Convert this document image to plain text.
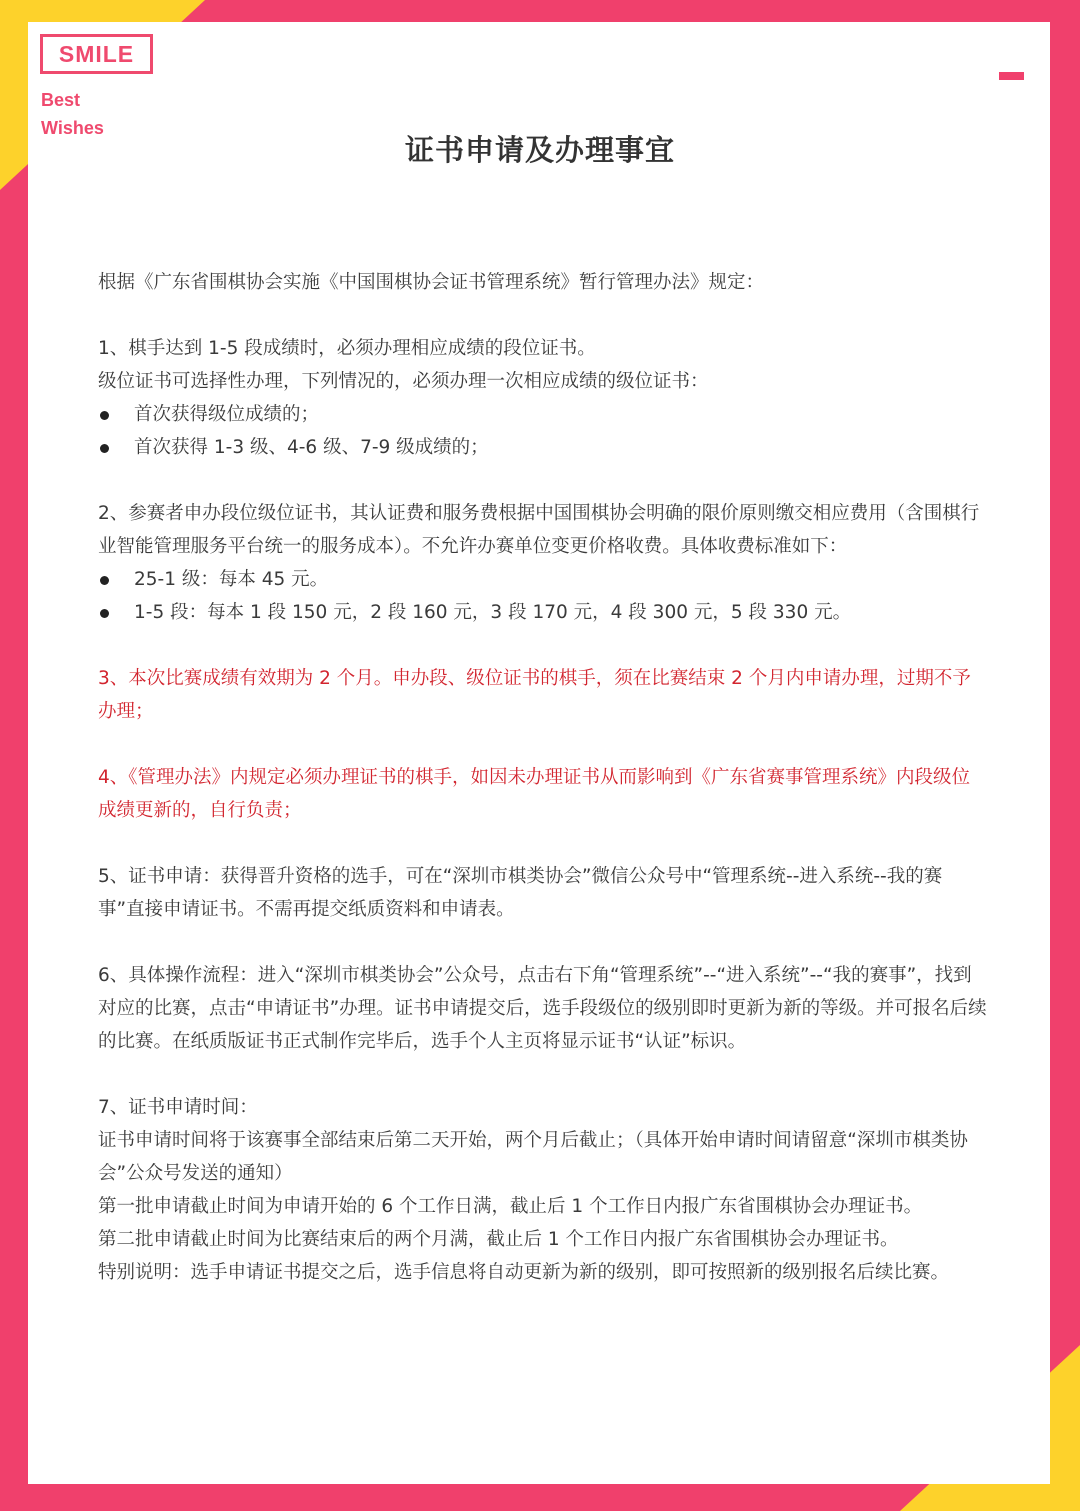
SMILE
Best
Wishes
证书申请及办理事宜

根据《广东省围棋协会实施《中国围棋协会证书管理系统》暂行管理办法》规定：

1、棋手达到 1-5 段成绩时，必须办理相应成绩的段位证书。

级位证书可选择性办理，下列情况的，必须办理一次相应成绩的级位证书：

首次获得级位成绩的；

首次获得 1-3 级、4-6 级、7-9 级成绩的；

2、参赛者申办段位级位证书，其认证费和服务费根据中国围棋协会明确的限价原则缴交相应费用（含围棋行业智能管理服务平台统一的服务成本）。不允许办赛单位变更价格收费。具体收费标准如下：

25-1 级：每本 45 元。

1-5 段：每本 1 段 150 元，2 段 160 元，3 段 170 元，4 段 300 元，5 段 330 元。

3、本次比赛成绩有效期为 2 个月。申办段、级位证书的棋手，须在比赛结束 2 个月内申请办理，过期不予办理；

4、《管理办法》内规定必须办理证书的棋手，如因未办理证书从而影响到《广东省赛事管理系统》内段级位成绩更新的，自行负责；

5、证书申请：获得晋升资格的选手，可在“深圳市棋类协会”微信公众号中“管理系统--进入系统--我的赛事”直接申请证书。不需再提交纸质资料和申请表。

6、具体操作流程：进入“深圳市棋类协会”公众号，点击右下角“管理系统”--“进入系统”--“我的赛事”，找到对应的比赛，点击“申请证书”办理。证书申请提交后，选手段级位的级别即时更新为新的等级。并可报名后续的比赛。在纸质版证书正式制作完毕后，选手个人主页将显示证书“认证”标识。

7、证书申请时间：

证书申请时间将于该赛事全部结束后第二天开始，两个月后截止；（具体开始申请时间请留意“深圳市棋类协会”公众号发送的通知）

第一批申请截止时间为申请开始的 6 个工作日满，截止后 1 个工作日内报广东省围棋协会办理证书。

第二批申请截止时间为比赛结束后的两个月满，截止后 1 个工作日内报广东省围棋协会办理证书。

特别说明：选手申请证书提交之后，选手信息将自动更新为新的级别，即可按照新的级别报名后续比赛。
